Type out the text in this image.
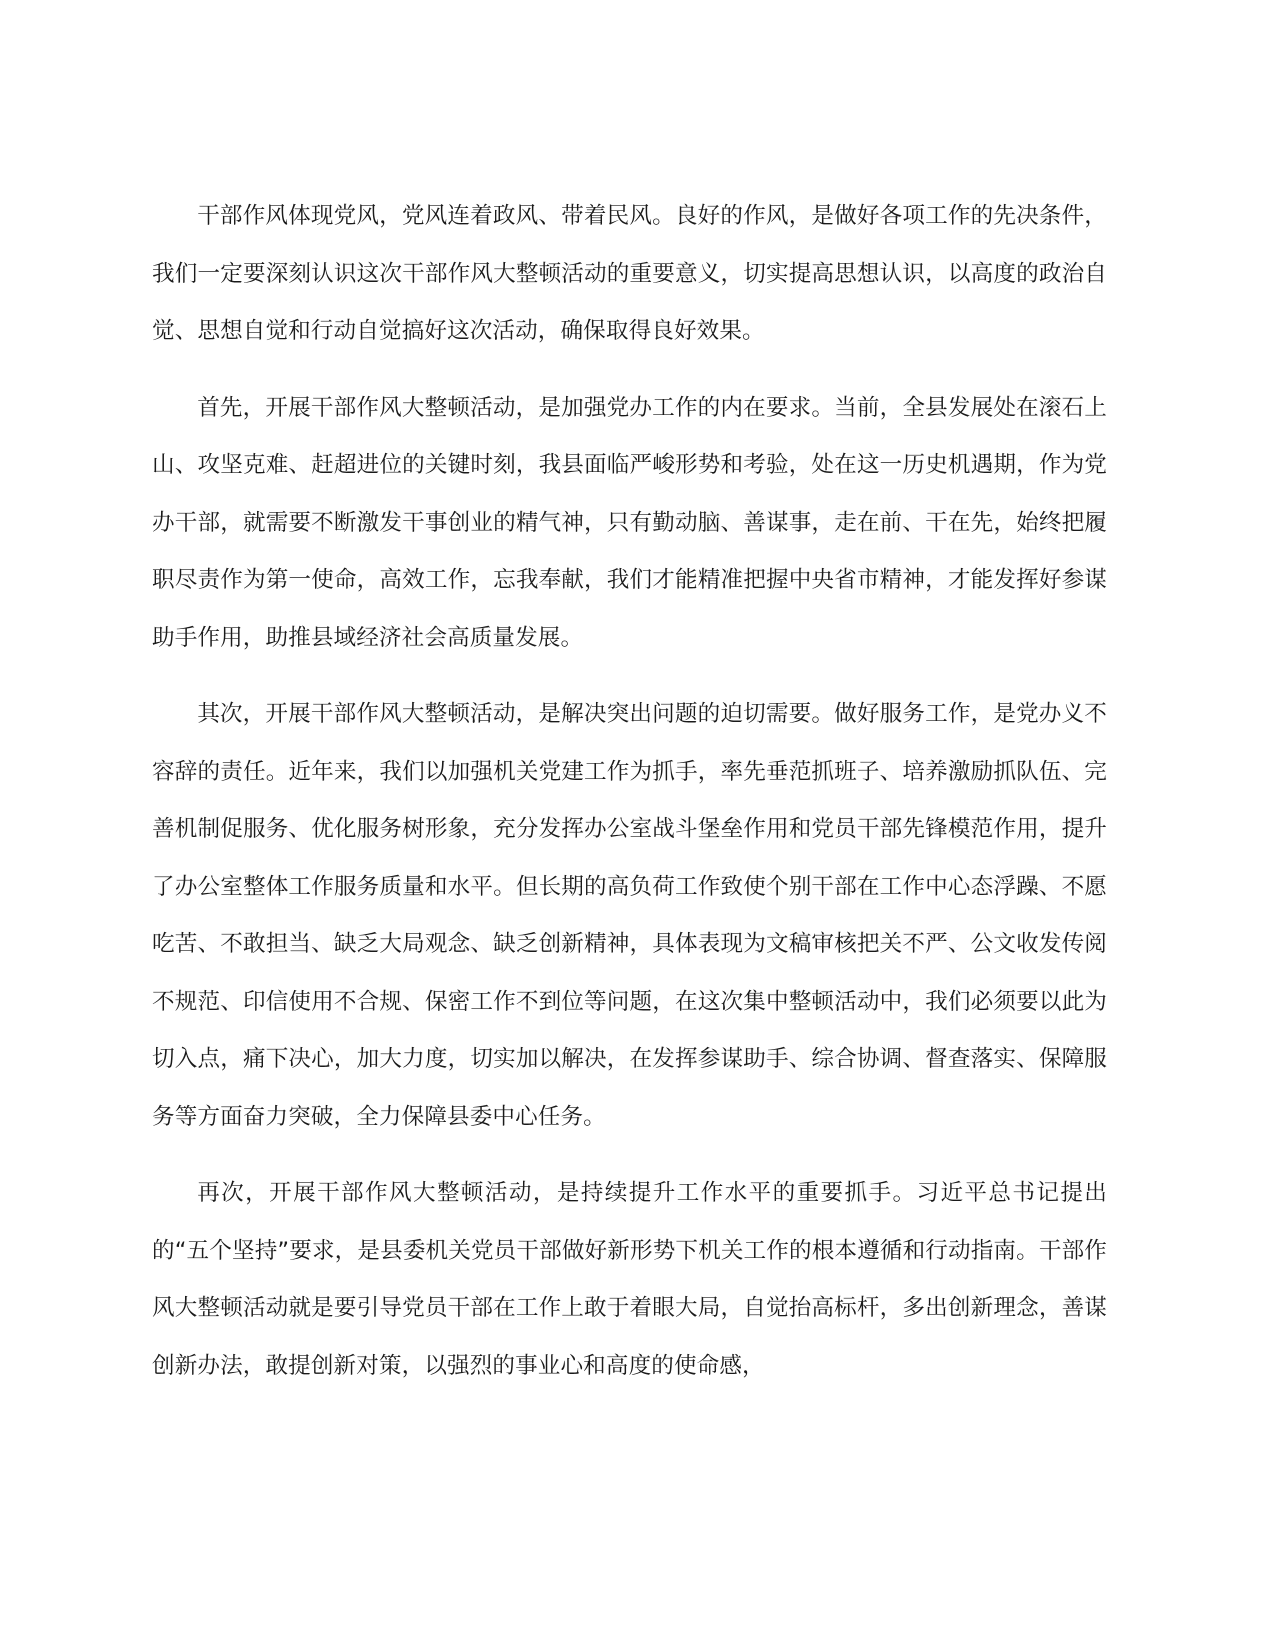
干部作风体现党风，党风连着政风、带着民风。良好的作风，是做好各项工作的先决条件，我们一定要深刻认识这次干部作风大整顿活动的重要意义，切实提高思想认识，以高度的政治自觉、思想自觉和行动自觉搞好这次活动，确保取得良好效果。

首先，开展干部作风大整顿活动，是加强党办工作的内在要求。当前，全县发展处在滚石上山、攻坚克难、赶超进位的关键时刻，我县面临严峻形势和考验，处在这一历史机遇期，作为党办干部，就需要不断激发干事创业的精气神，只有勤动脑、善谋事，走在前、干在先，始终把履职尽责作为第一使命，高效工作，忘我奉献，我们才能精准把握中央省市精神，才能发挥好参谋助手作用，助推县域经济社会高质量发展。

其次，开展干部作风大整顿活动，是解决突出问题的迫切需要。做好服务工作，是党办义不容辞的责任。近年来，我们以加强机关党建工作为抓手，率先垂范抓班子、培养激励抓队伍、完善机制促服务、优化服务树形象，充分发挥办公室战斗堡垒作用和党员干部先锋模范作用，提升了办公室整体工作服务质量和水平。但长期的高负荷工作致使个别干部在工作中心态浮躁、不愿吃苦、不敢担当、缺乏大局观念、缺乏创新精神，具体表现为文稿审核把关不严、公文收发传阅不规范、印信使用不合规、保密工作不到位等问题，在这次集中整顿活动中，我们必须要以此为切入点，痛下决心，加大力度，切实加以解决，在发挥参谋助手、综合协调、督查落实、保障服务等方面奋力突破，全力保障县委中心任务。

再次，开展干部作风大整顿活动，是持续提升工作水平的重要抓手。习近平总书记提出的“五个坚持”要求，是县委机关党员干部做好新形势下机关工作的根本遵循和行动指南。干部作风大整顿活动就是要引导党员干部在工作上敢于着眼大局，自觉抬高标杆，多出创新理念，善谋创新办法，敢提创新对策，以强烈的事业心和高度的使命感，
